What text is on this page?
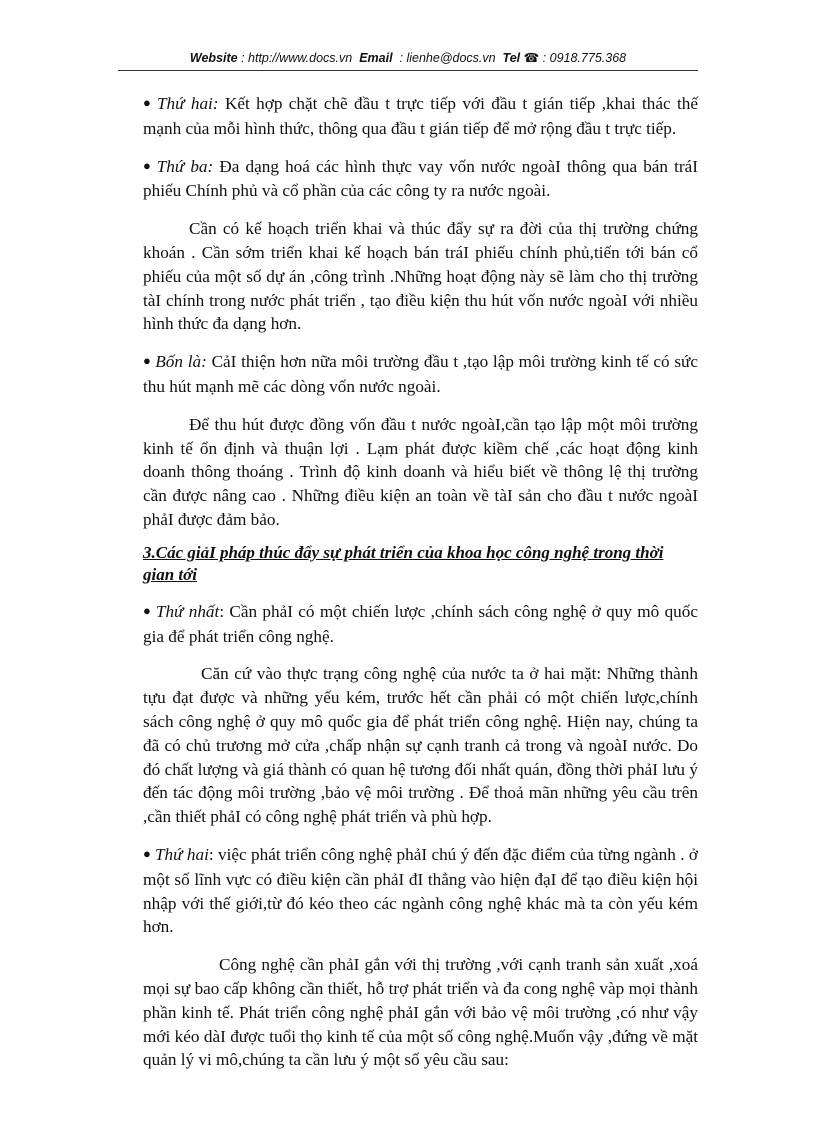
Website : http://www.docs.vn Email : lienhe@docs.vn Tel ☎ : 0918.775.368

● Thứ hai: Kết hợp chặt chẽ đầu t trực tiếp với đầu t gián tiếp ,khai thác thế mạnh của mỗi hình thức, thông qua đầu t gián tiếp để mở rộng đầu t trực tiếp.

● Thứ ba: Đa dạng hoá các hình thực vay vốn nước ngoàI thông qua bán tráI phiếu Chính phủ và cổ phần của các công ty ra nước ngoài.

Cần có kế hoạch triển khai và thúc đẩy sự ra đời của thị trường chứng khoán . Cần sớm triển khai kế hoạch bán tráI phiếu chính phủ,tiến tới bán cổ phiếu của một số dự án ,công trình .Những hoạt động này sẽ làm cho thị trường tàI chính trong nước phát triển , tạo điều kiện thu hút vốn nước ngoàI với nhiều hình thức đa dạng hơn.

● Bốn là: CảI thiện hơn nữa môi trường đầu t ,tạo lập môi trường kinh tế có sức thu hút mạnh mẽ các dòng vốn nước ngoài.

Để thu hút được đồng vốn đầu t nước ngoàI,cần tạo lập một môi trường kinh tế ổn định và thuận lợi . Lạm phát được kiềm chế ,các hoạt động kinh doanh thông thoáng . Trình độ kinh doanh và hiểu biết về thông lệ thị trường cần được nâng cao . Những điều kiện an toàn về tàI sản cho đầu t nước ngoàI phảI được đảm bảo.

3.Các giảI pháp thúc đẩy sự phát triển của khoa học công nghệ trong thời gian tới

● Thứ nhất: Cần phảI có một chiến lược ,chính sách công nghệ ở quy mô quốc gia để phát triển công nghệ.

Căn cứ vào thực trạng công nghệ của nước ta ở hai mặt: Những thành tựu đạt được và những yếu kém, trước hết cần phải có một chiến lược,chính sách công nghệ ở quy mô quốc gia để phát triển công nghệ. Hiện nay, chúng ta đã có chủ trương mở cửa ,chấp nhận sự cạnh tranh cả trong và ngoàI nước. Do đó chất lượng và giá thành có quan hệ tương đối nhất quán, đồng thời phảI lưu ý đến tác động môi trường ,bảo vệ môi trường . Để thoả mãn những yêu cầu trên ,cần thiết phảI có công nghệ phát triển và phù hợp.

● Thứ hai: việc phát triển công nghệ phảI chú ý đến đặc điểm của từng ngành . ở một số lĩnh vực có điều kiện cần phảI đI thẳng vào hiện đạI để tạo điều kiện hội nhập với thế giới,từ đó kéo theo các ngành công nghệ khác mà ta còn yếu kém hơn.

Công nghệ cần phảI gắn với thị trường ,với cạnh tranh sản xuất ,xoá mọi sự bao cấp không cần thiết, hỗ trợ phát triển và đa cong nghệ vàp mọi thành phần kinh tế. Phát triển công nghệ phảI gắn với bảo vệ môi trường ,có như vậy mới kéo dàI được tuổi thọ kinh tế của một số công nghệ.Muốn vậy ,đứng về mặt quản lý vi mô,chúng ta cần lưu ý một số yêu cầu sau:
